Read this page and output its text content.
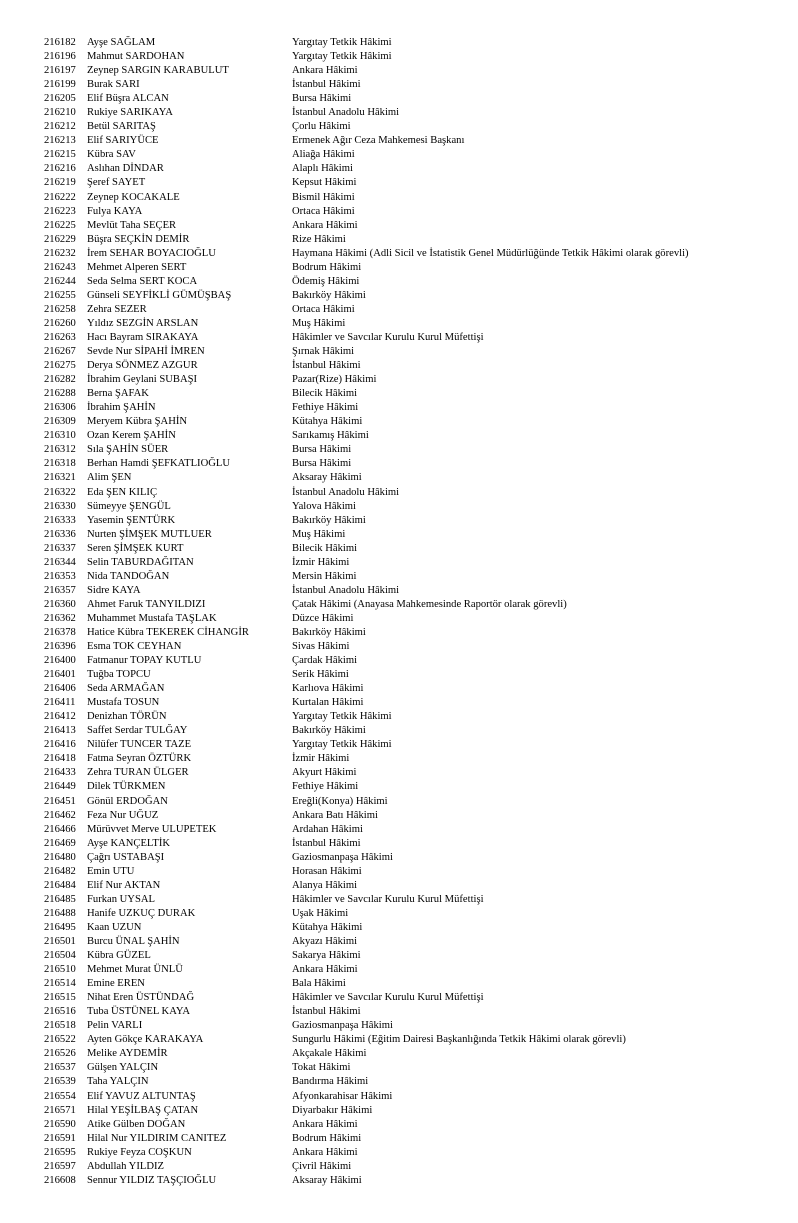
216182 Ayşe SAĞLAM	Yargıtay Tetkik Hâkimi
216196 Mahmut SARDOHAN	Yargıtay Tetkik Hâkimi
216197 Zeynep SARGIN KARABULUT	Ankara Hâkimi
216199 Burak SARI	İstanbul Hâkimi
216205 Elif Büşra ALCAN	Bursa Hâkimi
216210 Rukiye SARIKAYA	İstanbul Anadolu Hâkimi
216212 Betül SARITAŞ	Çorlu Hâkimi
216213 Elif SARIYÜCE	Ermenek Ağır Ceza Mahkemesi Başkanı
216215 Kübra SAV	Aliağa Hâkimi
216216 Aslıhan DİNDAR	Alaplı Hâkimi
216219 Şeref SAYET	Kepsut Hâkimi
216222 Zeynep KOCAKALE	Bismil Hâkimi
216223 Fulya KAYA	Ortaca Hâkimi
216225 Mevlüt Taha SEÇER	Ankara Hâkimi
216229 Büşra SEÇKİN DEMİR	Rize Hâkimi
216232 İrem SEHAR BOYACIOĞLU	Haymana Hâkimi (Adli Sicil ve İstatistik Genel Müdürlüğünde Tetkik Hâkimi olarak görevli)
216243 Mehmet Alperen SERT	Bodrum Hâkimi
216244 Seda Selma SERT KOCA	Ödemiş Hâkimi
216255 Günseli SEYFİKLİ GÜMÜŞBAŞ	Bakırköy Hâkimi
216258 Zehra SEZER	Ortaca Hâkimi
216260 Yıldız SEZGİN ARSLAN	Muş Hâkimi
216263 Hacı Bayram SIRAKAYA	Hâkimler ve Savcılar Kurulu Kurul Müfettişi
216267 Sevde Nur SİPAHİ İMREN	Şırnak Hâkimi
216275 Derya SÖNMEZ AZGUR	İstanbul Hâkimi
216282 İbrahim Geylani SUBAŞI	Pazar(Rize) Hâkimi
216288 Berna ŞAFAK	Bilecik Hâkimi
216306 İbrahim ŞAHİN	Fethiye Hâkimi
216309 Meryem Kübra ŞAHİN	Kütahya Hâkimi
216310 Ozan Kerem ŞAHİN	Sarıkamış Hâkimi
216312 Sıla ŞAHİN SÜER	Bursa Hâkimi
216318 Berhan Hamdi ŞEFKATLIOĞLU	Bursa Hâkimi
216321 Alim ŞEN	Aksaray Hâkimi
216322 Eda ŞEN KILIÇ	İstanbul Anadolu Hâkimi
216330 Sümeyye ŞENGÜL	Yalova Hâkimi
216333 Yasemin ŞENTÜRK	Bakırköy Hâkimi
216336 Nurten ŞİMŞEK MUTLUER	Muş Hâkimi
216337 Seren ŞİMŞEK KURT	Bilecik Hâkimi
216344 Selin TABURDAĞITAN	İzmir Hâkimi
216353 Nida TANDOĞAN	Mersin Hâkimi
216357 Sidre KAYA	İstanbul Anadolu Hâkimi
216360 Ahmet Faruk TANYILDIZI	Çatak Hâkimi (Anayasa Mahkemesinde Raportör olarak görevli)
216362 Muhammet Mustafa TAŞLAK	Düzce Hâkimi
216378 Hatice Kübra TEKEREK CİHANGİR	Bakırköy Hâkimi
216396 Esma TOK CEYHAN	Sivas Hâkimi
216400 Fatmanur TOPAY KUTLU	Çardak Hâkimi
216401 Tuğba TOPCU	Serik Hâkimi
216406 Seda ARMAĞAN	Karlıova Hâkimi
216411 Mustafa TOSUN	Kurtalan Hâkimi
216412 Denizhan TÖRÜN	Yargıtay Tetkik Hâkimi
216413 Saffet Serdar TULĞAY	Bakırköy Hâkimi
216416 Nilüfer TUNCER TAZE	Yargıtay Tetkik Hâkimi
216418 Fatma Seyran ÖZTÜRK	İzmir Hâkimi
216433 Zehra TURAN ÜLGER	Akyurt Hâkimi
216449 Dilek TÜRKMEN	Fethiye Hâkimi
216451 Gönül ERDOĞAN	Ereğli(Konya) Hâkimi
216462 Feza Nur UĞUZ	Ankara Batı Hâkimi
216466 Mürüvvet Merve ULUPETEK	Ardahan Hâkimi
216469 Ayşe KANÇELTİK	İstanbul Hâkimi
216480 Çağrı USTABAŞI	Gaziosmanpaşa Hâkimi
216482 Emin UTU	Horasan Hâkimi
216484 Elif Nur AKTAN	Alanya Hâkimi
216485 Furkan UYSAL	Hâkimler ve Savcılar Kurulu Kurul Müfettişi
216488 Hanife UZKUÇ DURAK	Uşak Hâkimi
216495 Kaan UZUN	Kütahya Hâkimi
216501 Burcu ÜNAL ŞAHİN	Akyazı Hâkimi
216504 Kübra GÜZEL	Sakarya Hâkimi
216510 Mehmet Murat ÜNLÜ	Ankara Hâkimi
216514 Emine EREN	Bala Hâkimi
216515 Nihat Eren ÜSTÜNDAĞ	Hâkimler ve Savcılar Kurulu Kurul Müfettişi
216516 Tuba ÜSTÜNEL KAYA	İstanbul Hâkimi
216518 Pelin VARLI	Gaziosmanpaşa Hâkimi
216522 Ayten Gökçe KARAKAYA	Sungurlu Hâkimi (Eğitim Dairesi Başkanlığında Tetkik Hâkimi olarak görevli)
216526 Melike AYDEMİR	Akçakale Hâkimi
216537 Gülşen YALÇIN	Tokat Hâkimi
216539 Taha YALÇIN	Bandırma Hâkimi
216554 Elif YAVUZ ALTUNTAŞ	Afyonkarahisar Hâkimi
216571 Hilal YEŞİLBAŞ ÇATAN	Diyarbakır Hâkimi
216590 Atike Gülben DOĞAN	Ankara Hâkimi
216591 Hilal Nur YILDIRIM CANITEZ	Bodrum Hâkimi
216595 Rukiye Feyza COŞKUN	Ankara Hâkimi
216597 Abdullah YILDIZ	Çivril Hâkimi
216608 Sennur YILDIZ TAŞÇIOĞLU	Aksaray Hâkimi
